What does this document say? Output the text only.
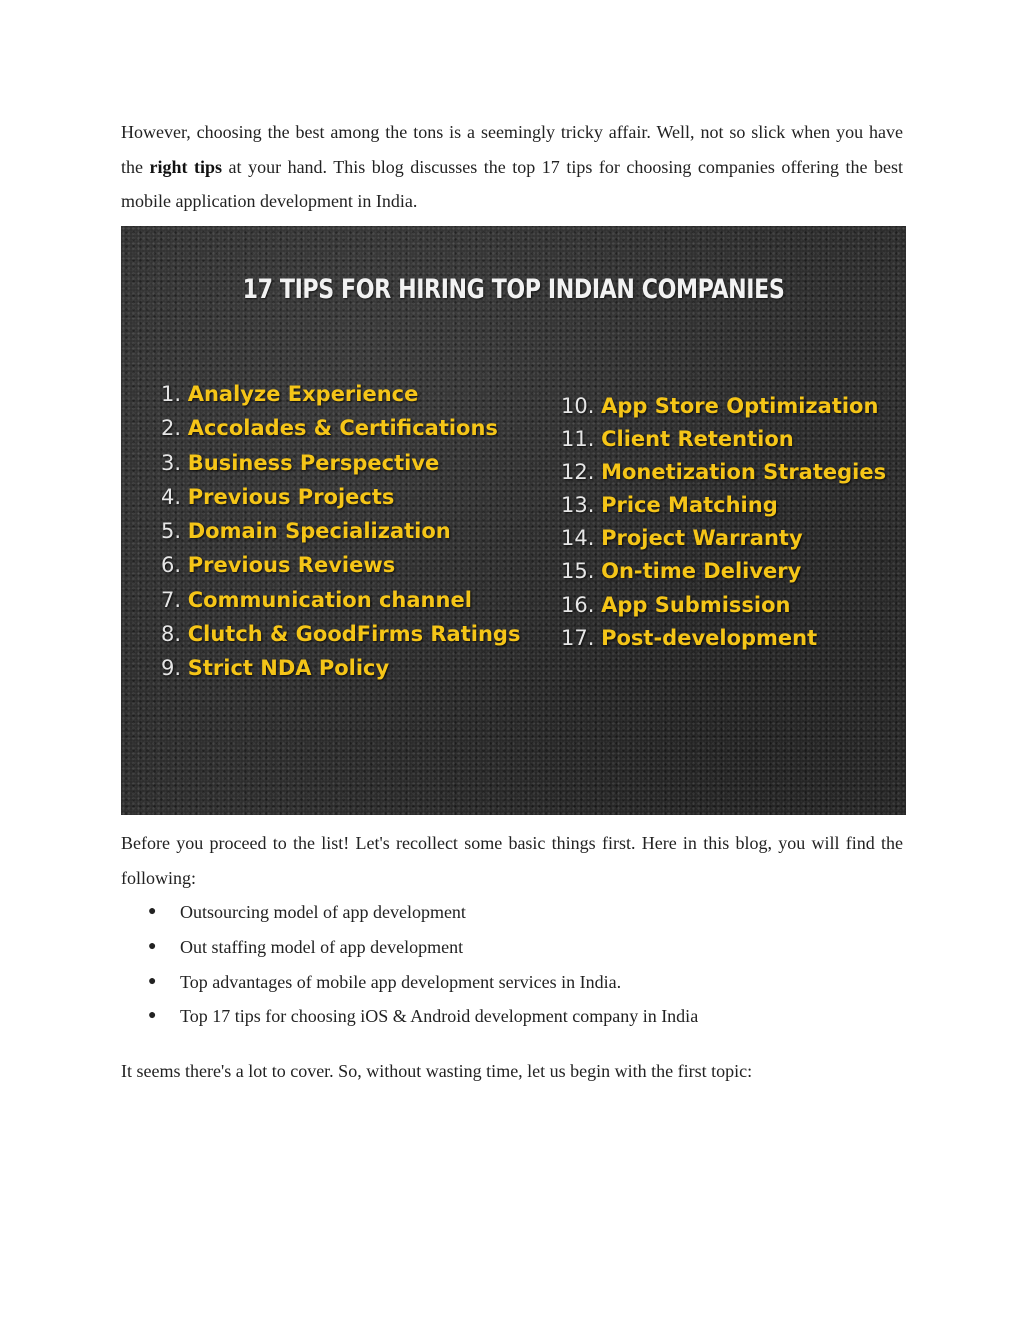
However, choosing the best among the tons is a seemingly tricky affair. Well, not so slick when you have the right tips at your hand. This blog discusses the top 17 tips for choosing companies offering the best mobile application development in India.

17 TIPS FOR HIRING TOP INDIAN COMPANIES
1. Analyze Experience
2. Accolades & Certifications
3. Business Perspective
4. Previous Projects
5. Domain Specialization
6. Previous Reviews
7. Communication channel
8. Clutch & GoodFirms Ratings
9. Strict NDA Policy
10. App Store Optimization
11. Client Retention
12. Monetization Strategies
13. Price Matching
14. Project Warranty
15. On-time Delivery
16. App Submission
17. Post-development

Before you proceed to the list! Let's recollect some basic things first. Here in this blog, you will find the following:

● Outsourcing model of app development
● Out staffing model of app development
● Top advantages of mobile app development services in India.
● Top 17 tips for choosing iOS & Android development company in India

It seems there's a lot to cover. So, without wasting time, let us begin with the first topic:
